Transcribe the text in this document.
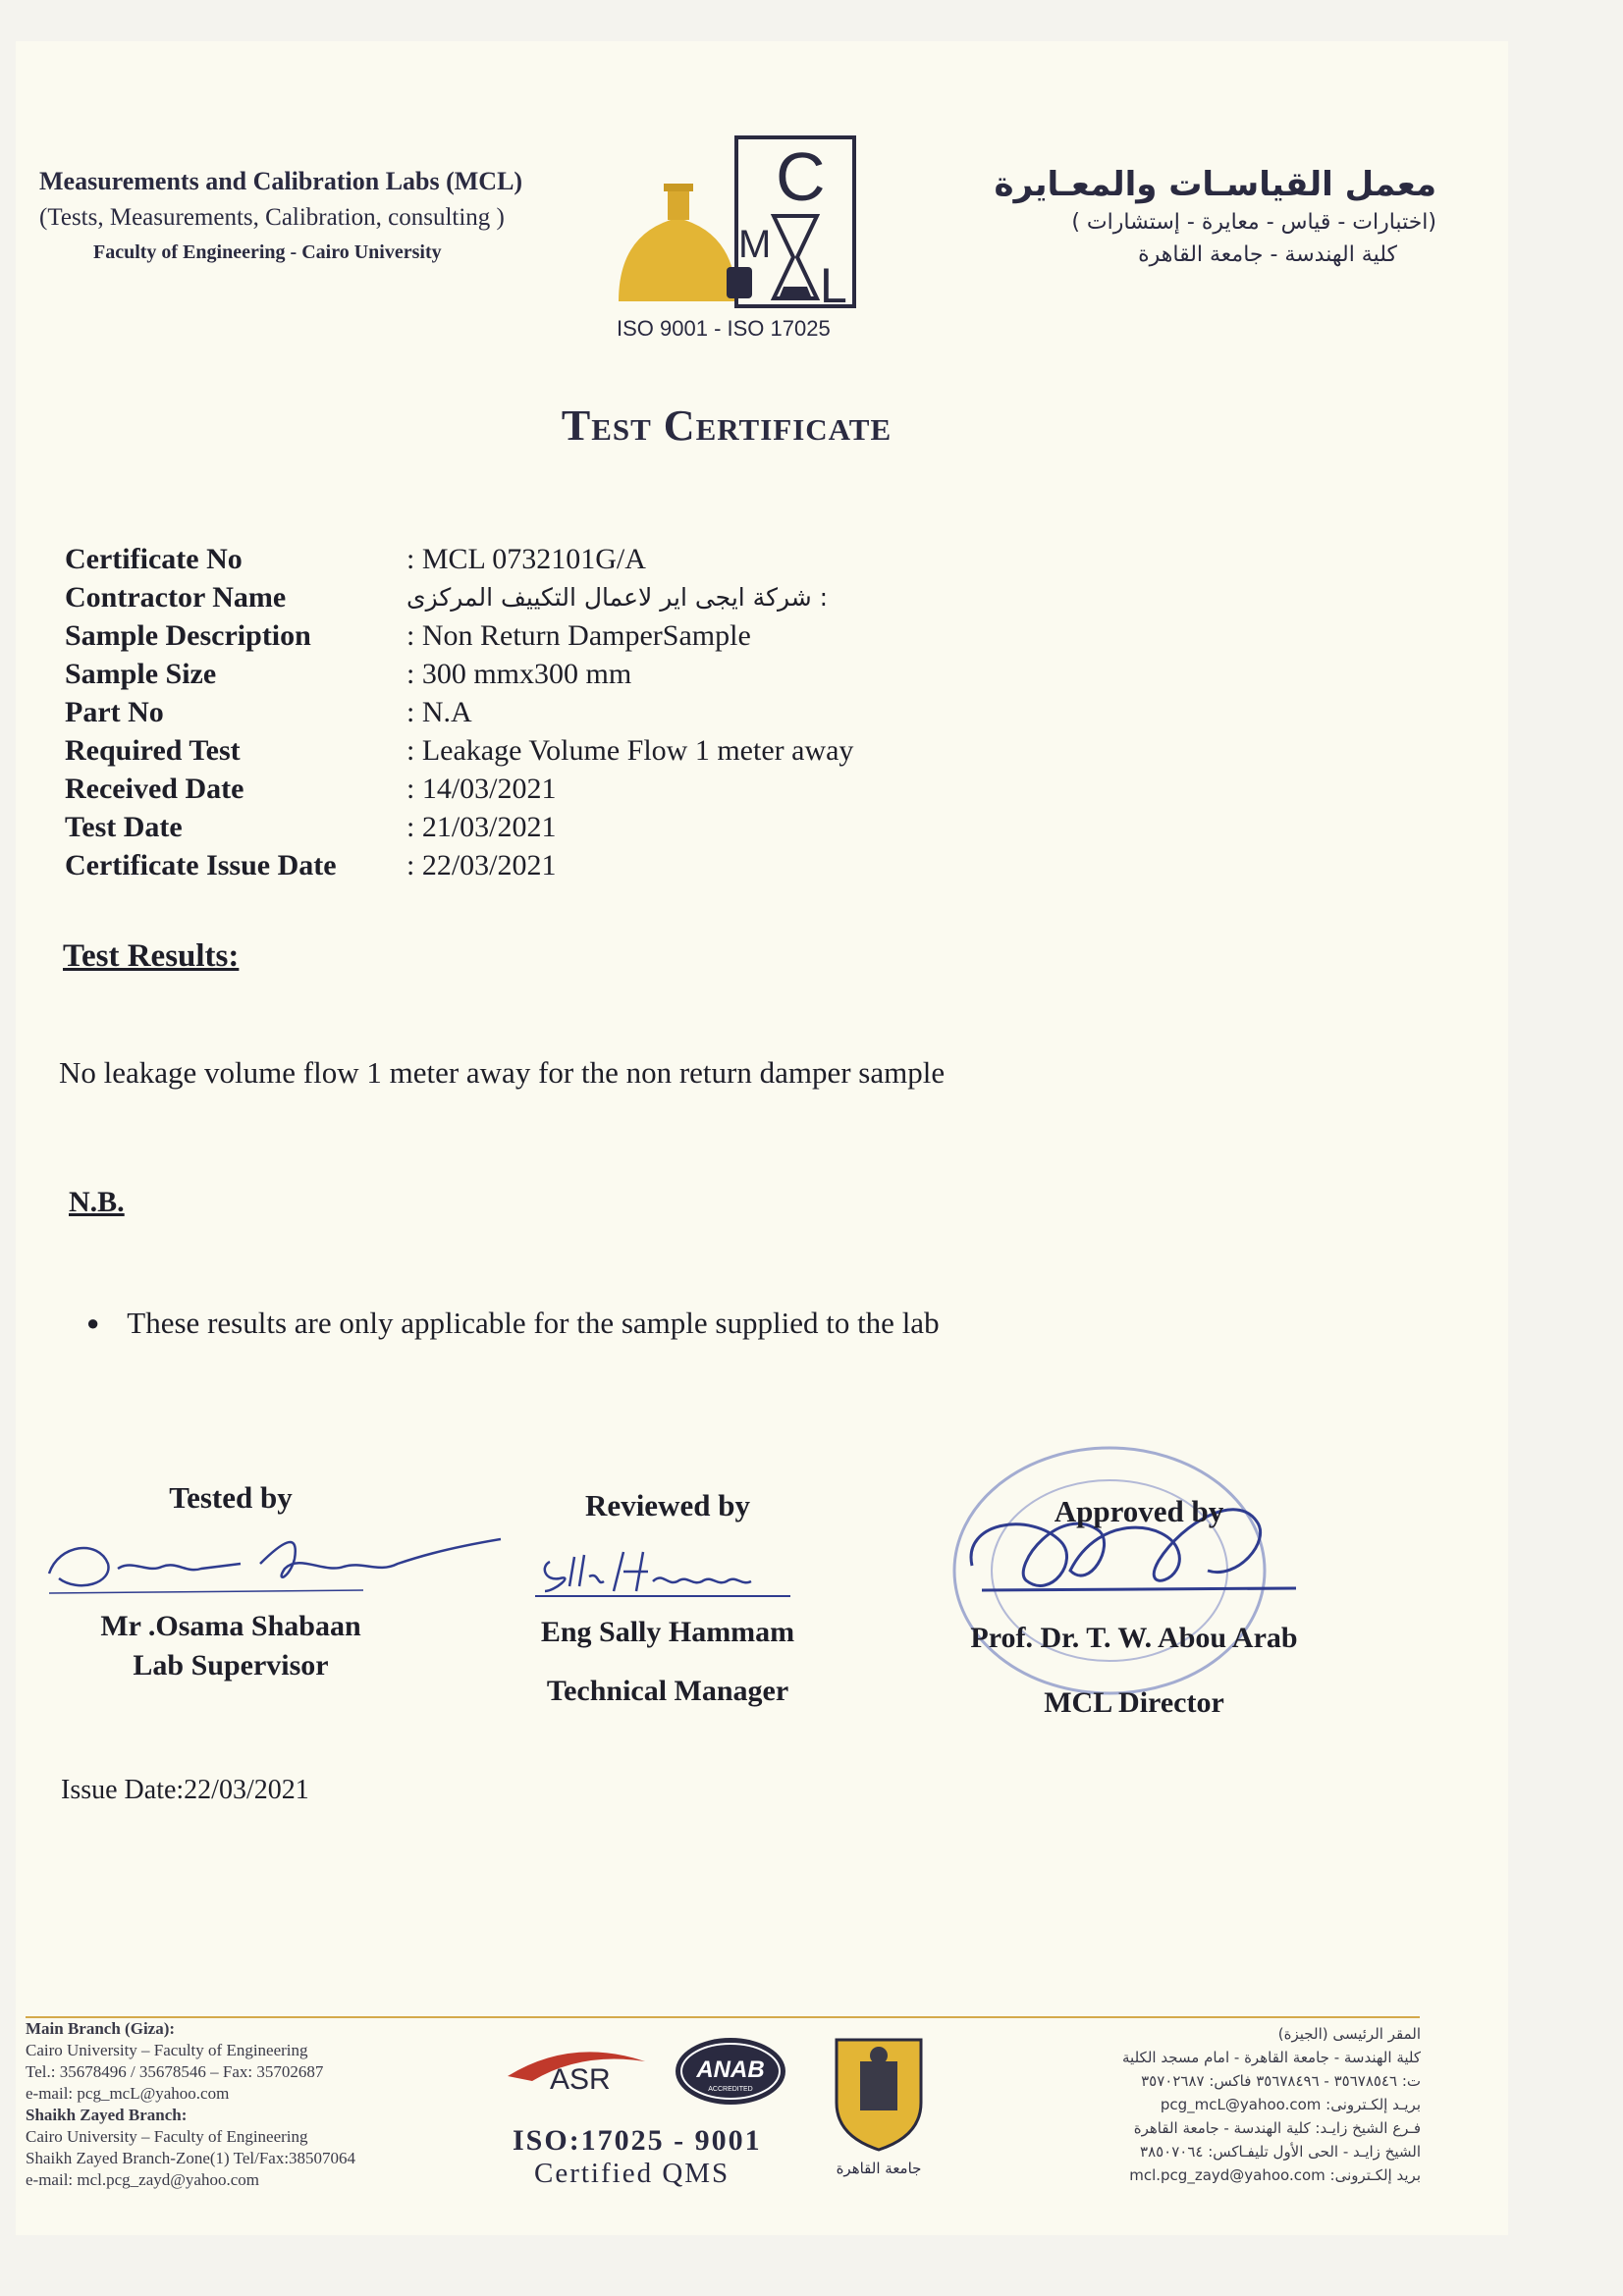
Measurements and Calibration Labs (MCL)
(Tests, Measurements, Calibration, consulting )
Faculty of Engineering - Cairo University
C
M
L
ISO 9001 - ISO 17025
معمل القياسـات والمعـايرة
(اختبارات - قياس - معايرة - إستشارات )
كلية الهندسة - جامعة القاهرة
Test Certificate
Certificate No	: MCL 0732101G/A
Contractor Name	: شركة ايجى اير لاعمال التكييف المركزى
Sample Description	: Non Return DamperSample
Sample Size	: 300 mmx300 mm
Part No	: N.A
Required Test	: Leakage Volume Flow 1 meter away
Received Date	: 14/03/2021
Test Date	: 21/03/2021
Certificate Issue Date	: 22/03/2021
Test Results:
No leakage volume flow 1 meter away for the non return damper sample
N.B.
● These results are only applicable for the sample supplied to the lab
Tested by
Mr .Osama Shabaan
Lab Supervisor
Reviewed by
Eng Sally Hammam
Technical Manager
Approved by
Prof. Dr. T. W. Abou Arab
MCL Director
Issue Date:22/03/2021
Main Branch (Giza):
Cairo University – Faculty of Engineering
Tel.: 35678496 / 35678546 – Fax: 35702687
e-mail: pcg_mcL@yahoo.com
Shaikh Zayed Branch:
Cairo University – Faculty of Engineering
Shaikh Zayed Branch-Zone(1) Tel/Fax:38507064
e-mail: mcl.pcg_zayd@yahoo.com
ASR	ANAB
ACCREDITED
ISO:17025 - 9001
Certified QMS	جامعة القاهرة
المقر الرئيسى (الجيزة)
كلية الهندسة - جامعة القاهرة - امام مسجد الكلية
ت: ٣٥٦٧٨٥٤٦ - ٣٥٦٧٨٤٩٦ فاكس: ٣٥٧٠٢٦٨٧
بريـد إلكـترونى: pcg_mcL@yahoo.com
فـرع الشيخ زايـد: كلية الهندسة - جامعة القاهرة
الشيخ زايـد - الحى الأول تليفـاكس: ٣٨٥٠٧٠٦٤
بريد إلكـترونى: mcl.pcg_zayd@yahoo.com
